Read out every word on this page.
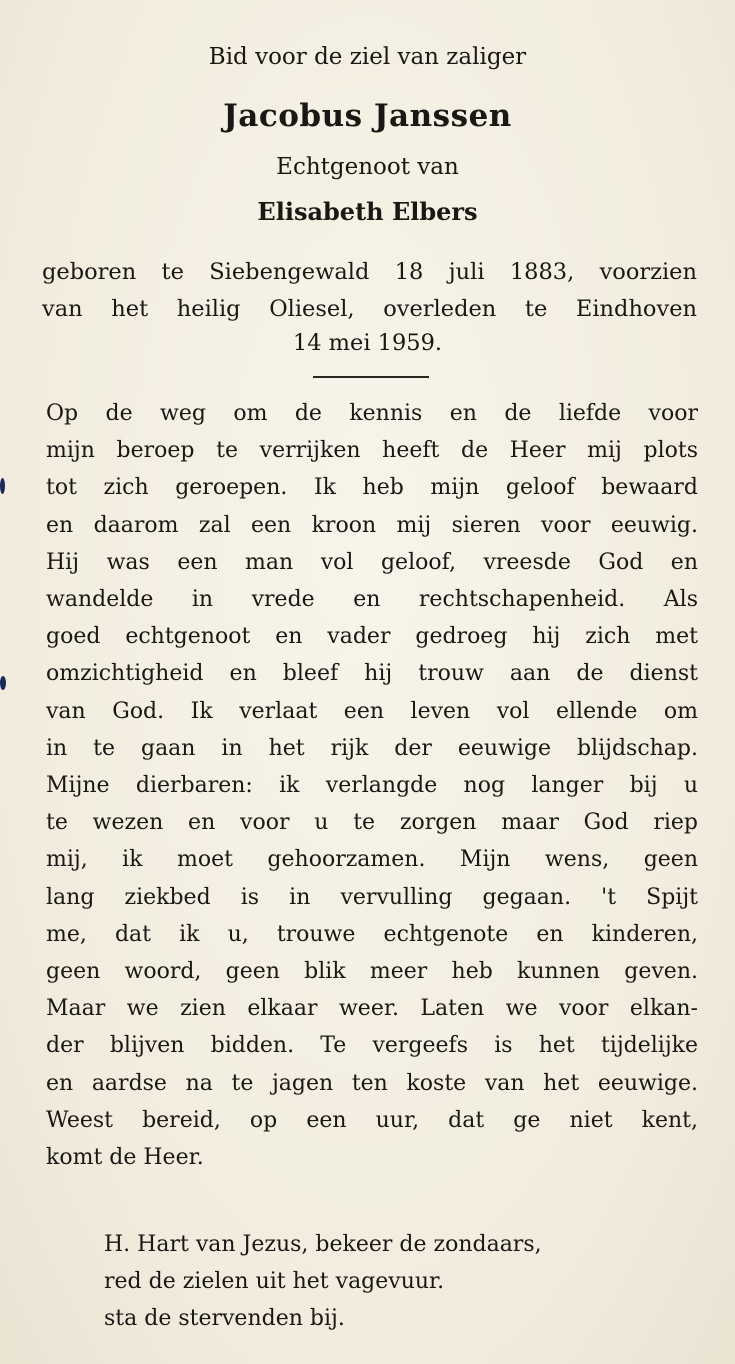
Bid voor de ziel van zaliger
Jacobus Janssen
Echtgenoot van
Elisabeth Elbers
geboren te Siebengewald 18 juli 1883, voorzien
van het heilig Oliesel, overleden te Eindhoven
14 mei 1959.
Op de weg om de kennis en de liefde voor
mijn beroep te verrijken heeft de Heer mij plots
tot zich geroepen. Ik heb mijn geloof bewaard
en daarom zal een kroon mij sieren voor eeuwig.
Hij was een man vol geloof, vreesde God en
wandelde in vrede en rechtschapenheid. Als
goed echtgenoot en vader gedroeg hij zich met
omzichtigheid en bleef hij trouw aan de dienst
van God. Ik verlaat een leven vol ellende om
in te gaan in het rijk der eeuwige blijdschap.
Mijne dierbaren: ik verlangde nog langer bij u
te wezen en voor u te zorgen maar God riep
mij, ik moet gehoorzamen. Mijn wens, geen
lang ziekbed is in vervulling gegaan. 't Spijt
me, dat ik u, trouwe echtgenote en kinderen,
geen woord, geen blik meer heb kunnen geven.
Maar we zien elkaar weer. Laten we voor elkan-
der blijven bidden. Te vergeefs is het tijdelijke
en aardse na te jagen ten koste van het eeuwige.
Weest bereid, op een uur, dat ge niet kent,
komt de Heer.
H. Hart van Jezus, bekeer de zondaars,
red de zielen uit het vagevuur.
sta de stervenden bij.
